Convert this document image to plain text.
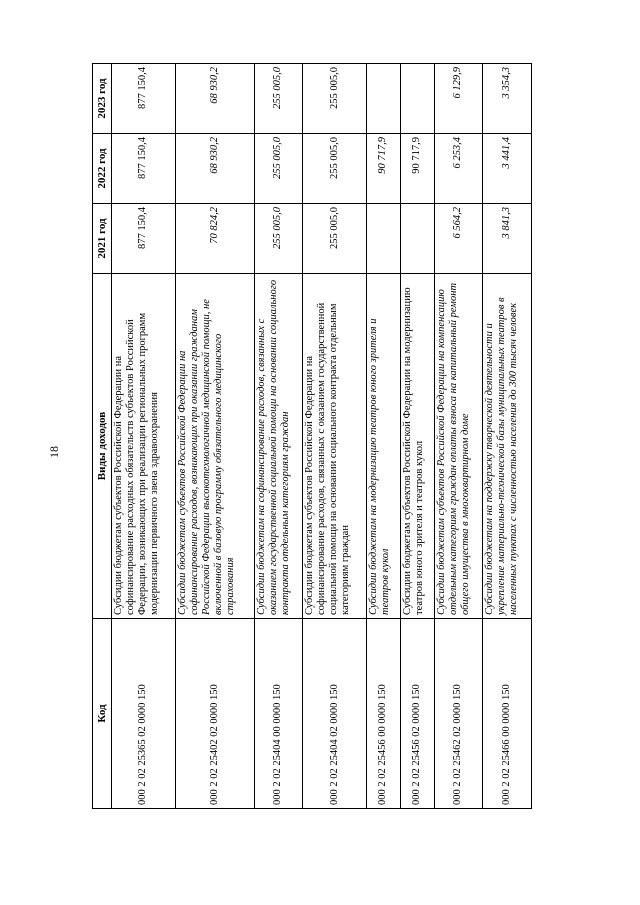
18
Код	Виды доходов	2021 год	2022 год	2023 год
000 2 02 25365 02 0000 150	Субсидии бюджетам субъектов Российской Федерации на софинансирование расходных обязательств субъектов Российской Федерации, возникающих при реализации региональных программ модернизации первичного звена здравоохранения	877 150,4	877 150,4	877 150,4
000 2 02 25402 02 0000 150	Субсидии бюджетам субъектов Российской Федерации на софинансирование расходов, возникающих при оказании гражданам Российской Федерации высокотехнологичной медицинской помощи, не включенной в базовую программу обязательного медицинского страхования	70 824,2	68 930,2	68 930,2
000 2 02 25404 00 0000 150	Субсидии бюджетам на софинансирование расходов, связанных с оказанием государственной социальной помощи на основании социального контракта отдельным категориям граждан	255 005,0	255 005,0	255 005,0
000 2 02 25404 02 0000 150	Субсидии бюджетам субъектов Российской Федерации на софинансирование расходов, связанных с оказанием государственной социальной помощи на основании социального контракта отдельным категориям граждан	255 005,0	255 005,0	255 005,0
000 2 02 25456 00 0000 150	Субсидии бюджетам на модернизацию театров юного зрителя и театров кукол		90 717,9	
000 2 02 25456 02 0000 150	Субсидии бюджетам субъектов Российской Федерации на модернизацию театров юного зрителя и театров кукол		90 717,9	
000 2 02 25462 02 0000 150	Субсидии бюджетам субъектов Российской Федерации на компенсацию отдельным категориям граждан оплаты взноса на капитальный ремонт общего имущества в многоквартирном доме	6 564,2	6 253,4	6 129,9
000 2 02 25466 00 0000 150	Субсидии бюджетам на поддержку творческой деятельности и укрепление материально-технической базы муниципальных театров в населенных пунктах с численностью населения до 300 тысяч человек	3 841,3	3 441,4	3 354,3
